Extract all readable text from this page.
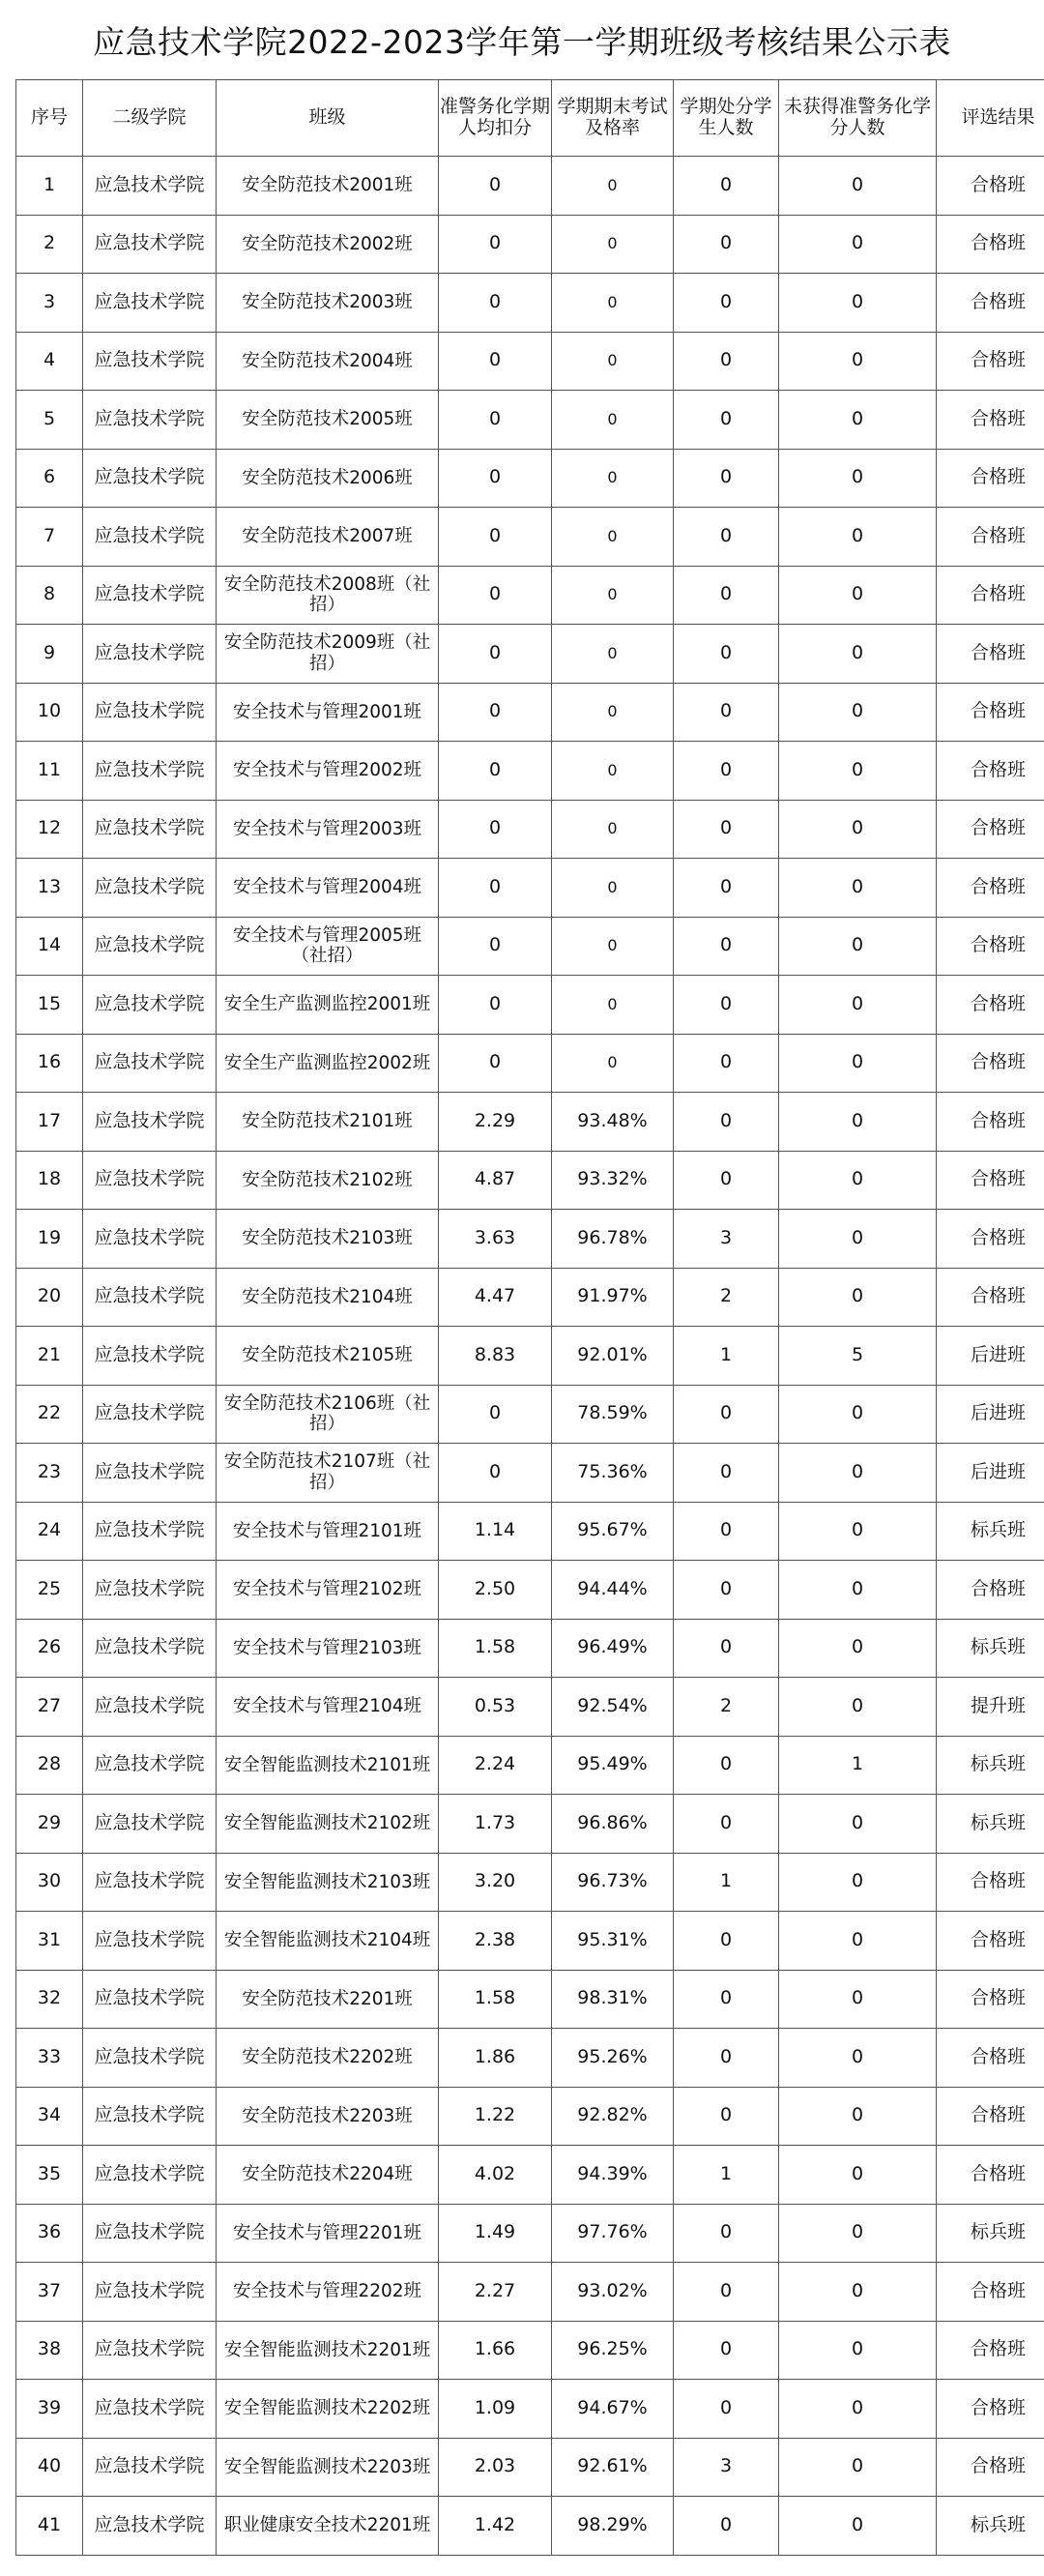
应急技术学院2022-2023学年第一学期班级考核结果公示表
序号	二级学院	班级	准警务化学期人均扣分	学期期末考试及格率	学期处分学生人数	未获得准警务化学分人数	评选结果
1	应急技术学院	安全防范技术2001班	0	0	0	0	合格班
2	应急技术学院	安全防范技术2002班	0	0	0	0	合格班
3	应急技术学院	安全防范技术2003班	0	0	0	0	合格班
4	应急技术学院	安全防范技术2004班	0	0	0	0	合格班
5	应急技术学院	安全防范技术2005班	0	0	0	0	合格班
6	应急技术学院	安全防范技术2006班	0	0	0	0	合格班
7	应急技术学院	安全防范技术2007班	0	0	0	0	合格班
8	应急技术学院	安全防范技术2008班（社招）	0	0	0	0	合格班
9	应急技术学院	安全防范技术2009班（社招）	0	0	0	0	合格班
10	应急技术学院	安全技术与管理2001班	0	0	0	0	合格班
11	应急技术学院	安全技术与管理2002班	0	0	0	0	合格班
12	应急技术学院	安全技术与管理2003班	0	0	0	0	合格班
13	应急技术学院	安全技术与管理2004班	0	0	0	0	合格班
14	应急技术学院	安全技术与管理2005班（社招）	0	0	0	0	合格班
15	应急技术学院	安全生产监测监控2001班	0	0	0	0	合格班
16	应急技术学院	安全生产监测监控2002班	0	0	0	0	合格班
17	应急技术学院	安全防范技术2101班	2.29	93.48%	0	0	合格班
18	应急技术学院	安全防范技术2102班	4.87	93.32%	0	0	合格班
19	应急技术学院	安全防范技术2103班	3.63	96.78%	3	0	合格班
20	应急技术学院	安全防范技术2104班	4.47	91.97%	2	0	合格班
21	应急技术学院	安全防范技术2105班	8.83	92.01%	1	5	后进班
22	应急技术学院	安全防范技术2106班（社招）	0	78.59%	0	0	后进班
23	应急技术学院	安全防范技术2107班（社招）	0	75.36%	0	0	后进班
24	应急技术学院	安全技术与管理2101班	1.14	95.67%	0	0	标兵班
25	应急技术学院	安全技术与管理2102班	2.50	94.44%	0	0	合格班
26	应急技术学院	安全技术与管理2103班	1.58	96.49%	0	0	标兵班
27	应急技术学院	安全技术与管理2104班	0.53	92.54%	2	0	提升班
28	应急技术学院	安全智能监测技术2101班	2.24	95.49%	0	1	标兵班
29	应急技术学院	安全智能监测技术2102班	1.73	96.86%	0	0	标兵班
30	应急技术学院	安全智能监测技术2103班	3.20	96.73%	1	0	合格班
31	应急技术学院	安全智能监测技术2104班	2.38	95.31%	0	0	合格班
32	应急技术学院	安全防范技术2201班	1.58	98.31%	0	0	合格班
33	应急技术学院	安全防范技术2202班	1.86	95.26%	0	0	合格班
34	应急技术学院	安全防范技术2203班	1.22	92.82%	0	0	合格班
35	应急技术学院	安全防范技术2204班	4.02	94.39%	1	0	合格班
36	应急技术学院	安全技术与管理2201班	1.49	97.76%	0	0	标兵班
37	应急技术学院	安全技术与管理2202班	2.27	93.02%	0	0	合格班
38	应急技术学院	安全智能监测技术2201班	1.66	96.25%	0	0	合格班
39	应急技术学院	安全智能监测技术2202班	1.09	94.67%	0	0	合格班
40	应急技术学院	安全智能监测技术2203班	2.03	92.61%	3	0	合格班
41	应急技术学院	职业健康安全技术2201班	1.42	98.29%	0	0	标兵班
